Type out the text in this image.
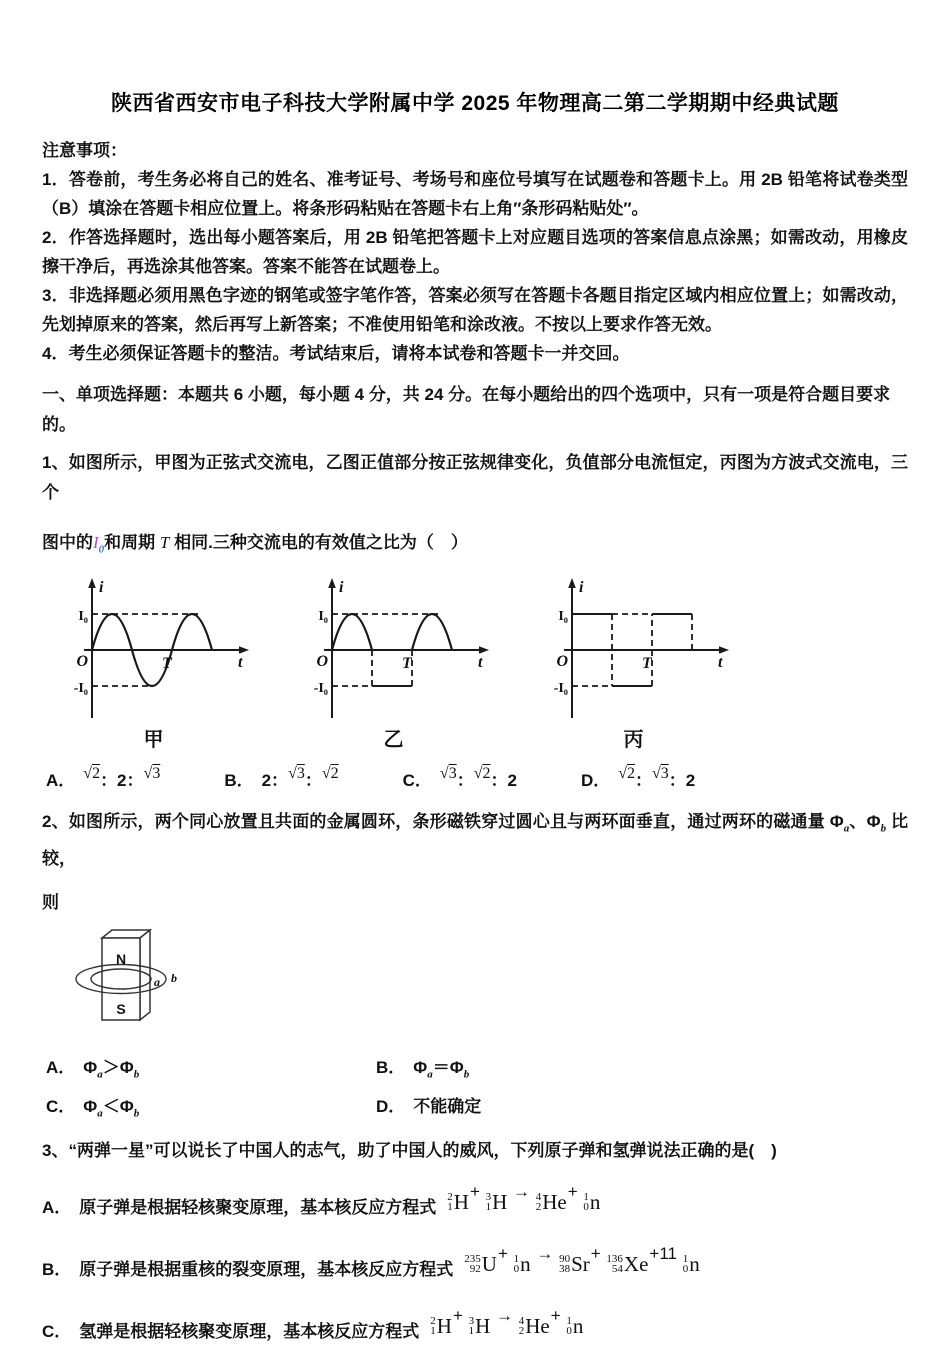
陕西省西安市电子科技大学附属中学 2025 年物理高二第二学期期中经典试题
注意事项：

1．答卷前，考生务必将自己的姓名、准考证号、考场号和座位号填写在试题卷和答题卡上。用 2B 铅笔将试卷类型（B）填涂在答题卡相应位置上。将条形码粘贴在答题卡右上角″条形码粘贴处″。

2．作答选择题时，选出每小题答案后，用 2B 铅笔把答题卡上对应题目选项的答案信息点涂黑；如需改动，用橡皮擦干净后，再选涂其他答案。答案不能答在试题卷上。

3．非选择题必须用黑色字迹的钢笔或签字笔作答，答案必须写在答题卡各题目指定区域内相应位置上；如需改动，先划掉原来的答案，然后再写上新答案；不准使用铅笔和涂改液。不按以上要求作答无效。

4．考生必须保证答题卡的整洁。考试结束后，请将本试卷和答题卡一并交回。

一、单项选择题：本题共 6 小题，每小题 4 分，共 24 分。在每小题给出的四个选项中，只有一项是符合题目要求的。

1、如图所示，甲图为正弦式交流电，乙图正值部分按正弦规律变化，负值部分电流恒定，丙图为方波式交流电，三个

图中的$I_0$和周期 T 相同.三种交流电的有效值之比为（　）

i
t
O
I₀
-I₀
T
甲
i
t
O
I₀
-I₀
T
乙
i
t
O
I₀
-I₀
T
丙
A． √2：2：√3	B． 2：√3：√2	C． √3：√2：2	D． √2：√3：2

2、如图所示，两个同心放置且共面的金属圆环，条形磁铁穿过圆心且与两环面垂直，通过两环的磁通量 $\Phi_a$、$\Phi_b$ 比较，

则

N
S
a b
A． $\Phi_a>\Phi_b$	B． $\Phi_a=\Phi_b$
C． $\Phi_a<\Phi_b$	D． 不能确定

3、“两弹一星”可以说长了中国人的志气，助了中国人的威风，下列原子弹和氢弹说法正确的是(　)

A． 原子弹是根据轻核聚变原理，基本核反应方程式
2
1 H + 3
1 H → 4
2 He + 1
0 n
B． 原子弹是根据重核的裂变原理，基本核反应方程式
235
92 U + 1
0 n → 90
38 Sr + 136
54 Xe +11 1
0 n
C． 氢弹是根据轻核聚变原理，基本核反应方程式
2
1 H + 3
1 H → 4
2 He + 1
0 n
